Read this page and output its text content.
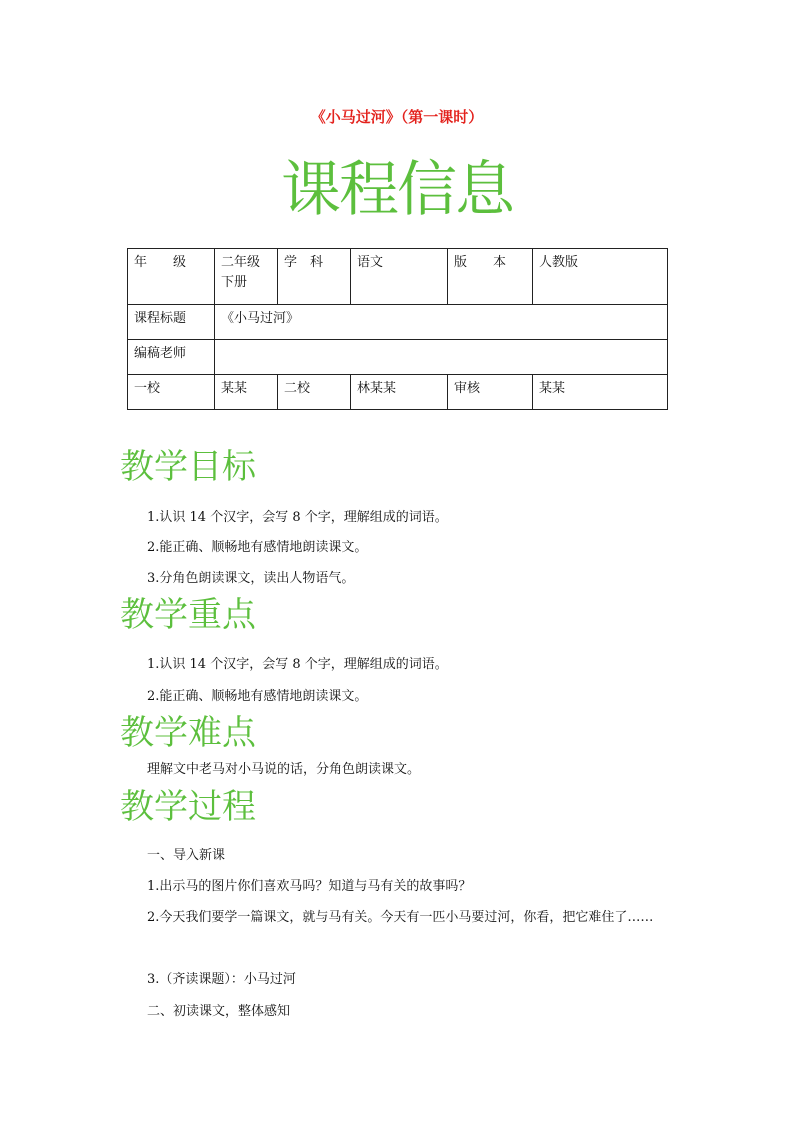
《小马过河》（第一课时）
课程信息
年　　级	二年级下册	学　科	语文	版　　本	人教版
课程标题	《小马过河》				
编稿老师					
一校	某某	二校	林某某	审核	某某
教学目标
1.认识 14 个汉字，会写 8 个字，理解组成的词语。
2.能正确、顺畅地有感情地朗读课文。
3.分角色朗读课文，读出人物语气。
教学重点
1.认识 14 个汉字，会写 8 个字，理解组成的词语。
2.能正确、顺畅地有感情地朗读课文。
教学难点
理解文中老马对小马说的话，分角色朗读课文。
教学过程
一、导入新课
1.出示马的图片你们喜欢马吗？知道与马有关的故事吗？
2.今天我们要学一篇课文，就与马有关。今天有一匹小马要过河，你看，把它难住了……
3.（齐读课题）：小马过河
二、初读课文，整体感知
